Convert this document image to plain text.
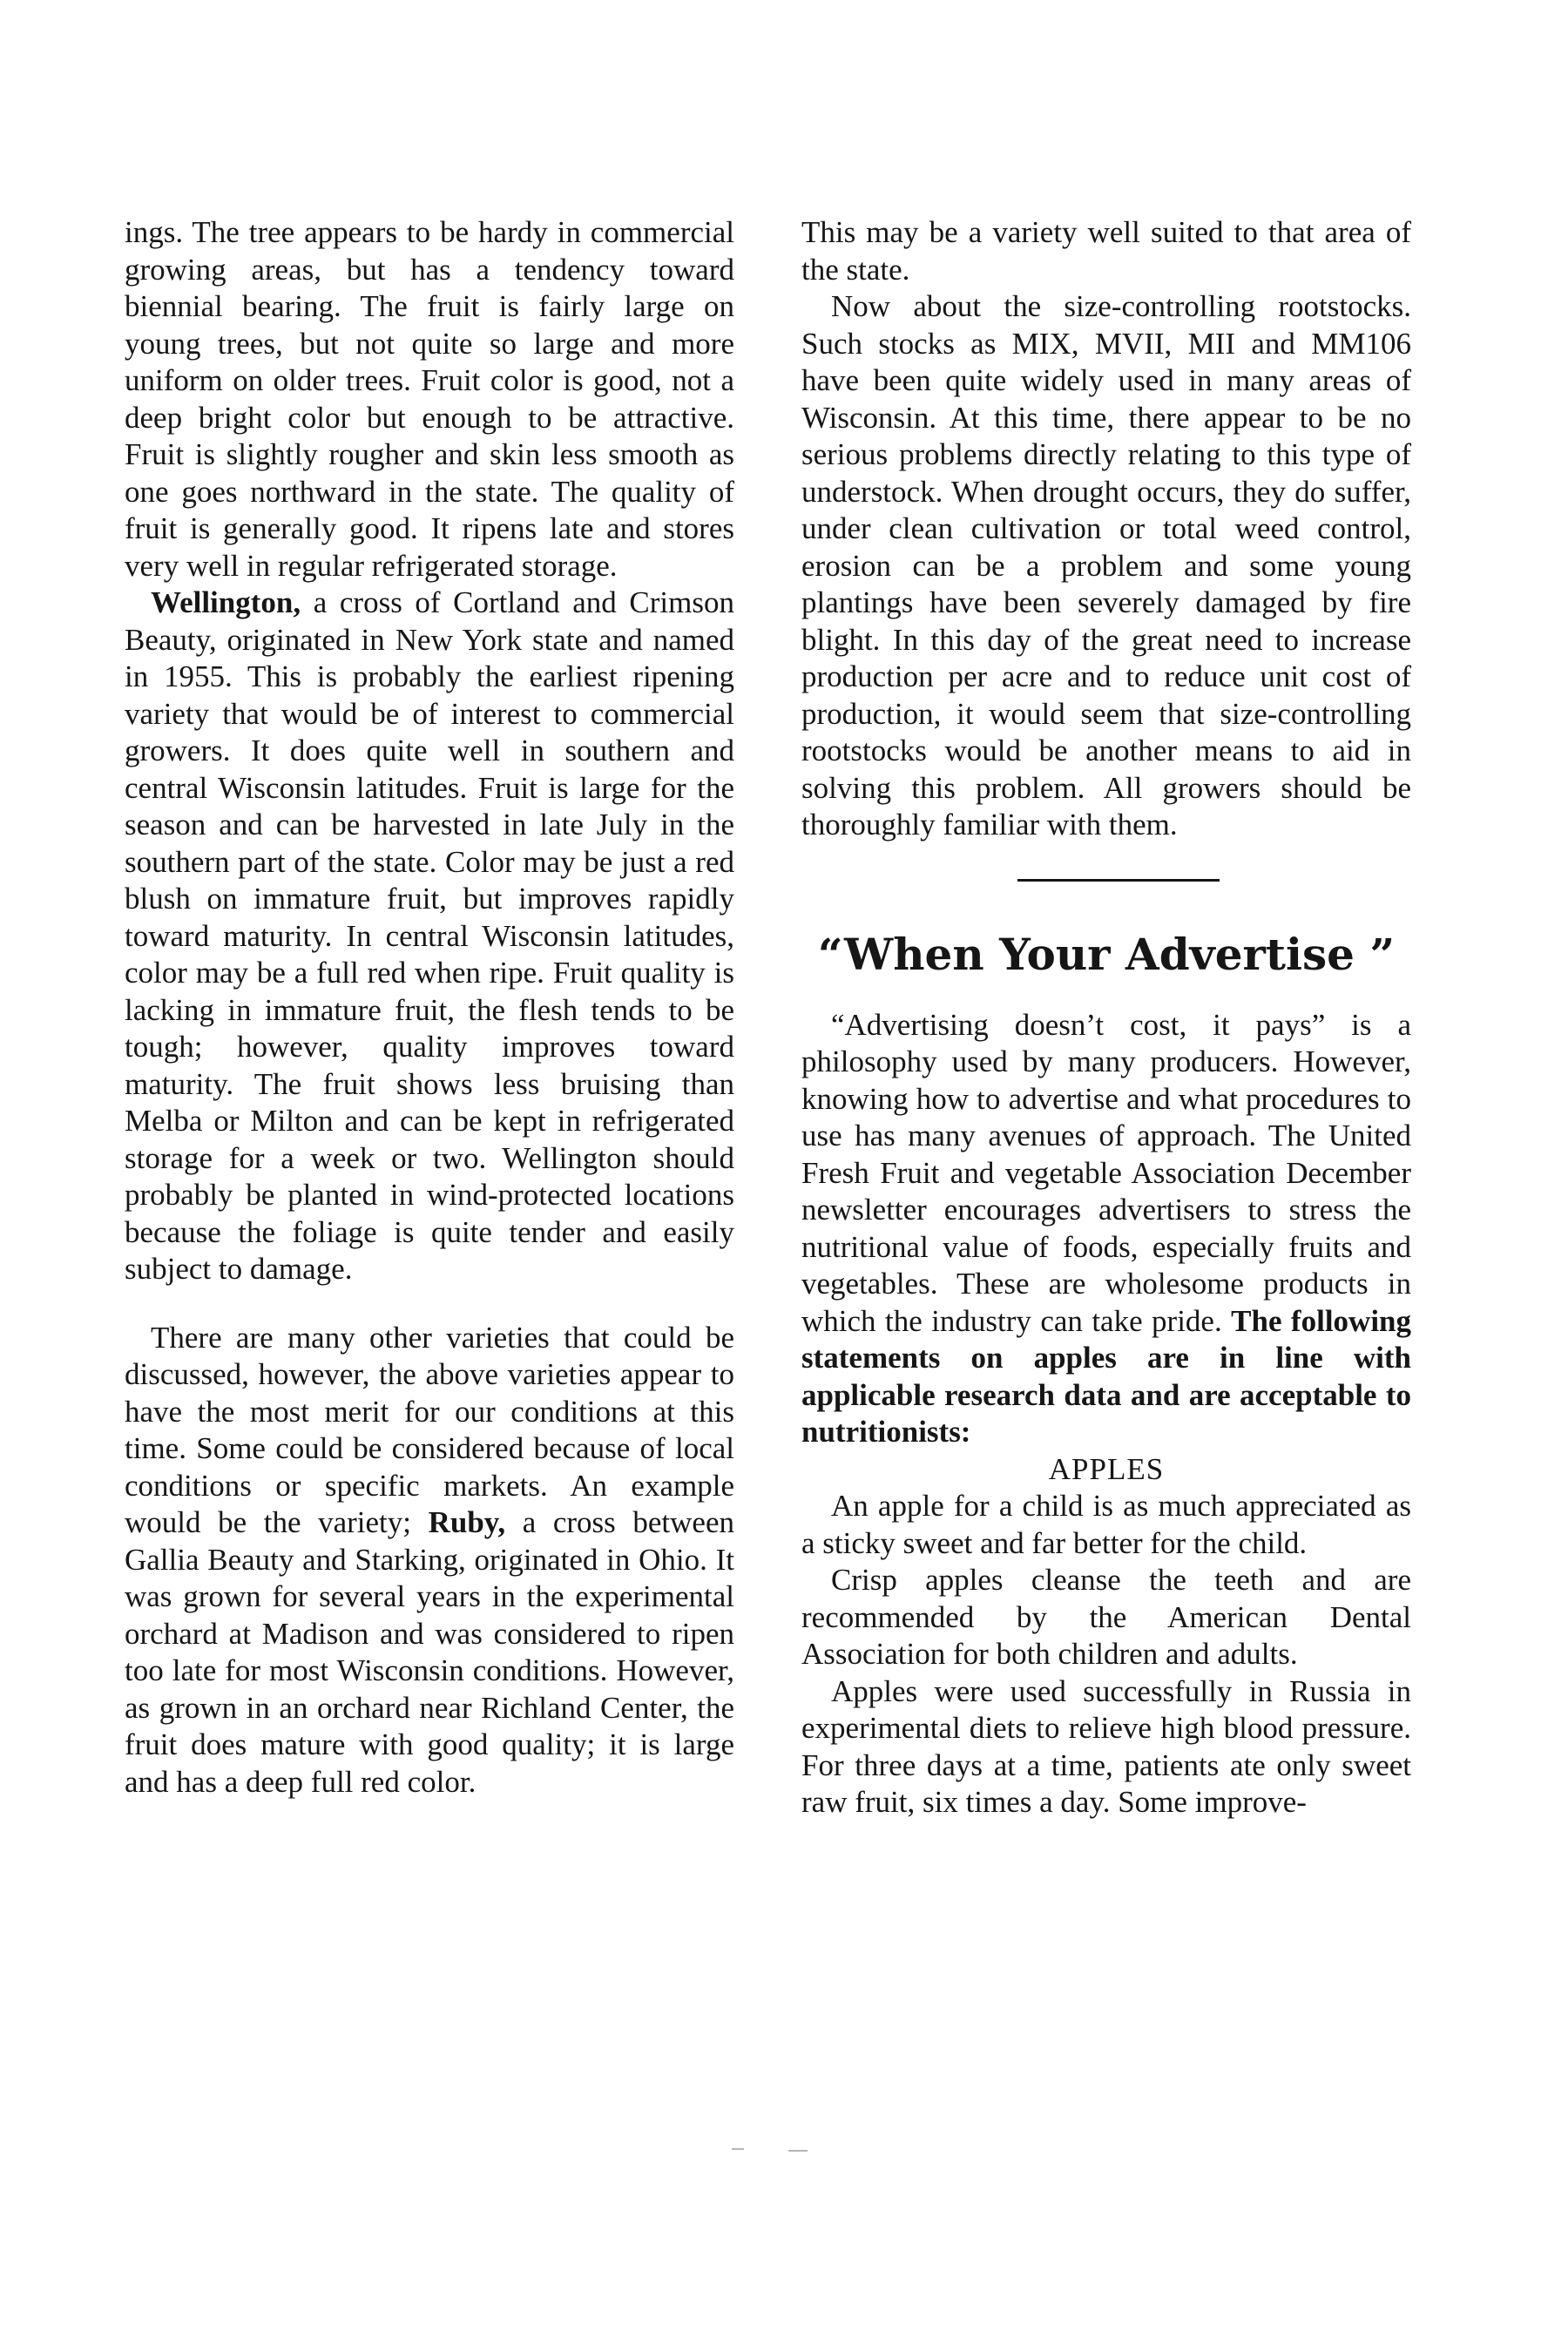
ings. The tree appears to be hardy in commercial growing areas, but has a tendency toward biennial bearing. The fruit is fairly large on young trees, but not quite so large and more uniform on older trees. Fruit color is good, not a deep bright color but enough to be attractive. Fruit is slightly rougher and skin less smooth as one goes northward in the state. The quality of fruit is generally good. It ripens late and stores very well in regular refrigerated storage.

Wellington, a cross of Cortland and Crimson Beauty, originated in New York state and named in 1955. This is probably the earliest ripening variety that would be of interest to commercial growers. It does quite well in southern and central Wisconsin latitudes. Fruit is large for the season and can be harvested in late July in the southern part of the state. Color may be just a red blush on immature fruit, but improves rapidly toward maturity. In central Wisconsin latitudes, color may be a full red when ripe. Fruit quality is lacking in immature fruit, the flesh tends to be tough; however, quality improves toward maturity. The fruit shows less bruising than Melba or Milton and can be kept in refrigerated storage for a week or two. Wellington should probably be planted in wind-protected locations because the foliage is quite tender and easily subject to damage.

There are many other varieties that could be discussed, however, the above varieties appear to have the most merit for our conditions at this time. Some could be considered because of local conditions or specific markets. An example would be the variety; Ruby, a cross between Gallia Beauty and Starking, originated in Ohio. It was grown for several years in the experimental orchard at Madison and was considered to ripen too late for most Wisconsin conditions. However, as grown in an orchard near Richland Center, the fruit does mature with good quality; it is large and has a deep full red color.

This may be a variety well suited to that area of the state.

Now about the size-controlling rootstocks. Such stocks as MIX, MVII, MII and MM106 have been quite widely used in many areas of Wisconsin. At this time, there appear to be no serious problems directly relating to this type of understock. When drought occurs, they do suffer, under clean cultivation or total weed control, erosion can be a problem and some young plantings have been severely damaged by fire blight. In this day of the great need to increase production per acre and to reduce unit cost of production, it would seem that size-controlling rootstocks would be another means to aid in solving this problem. All growers should be thoroughly familiar with them.

“When Your Advertise ”

“Advertising doesn’t cost, it pays” is a philosophy used by many producers. However, knowing how to advertise and what procedures to use has many avenues of approach. The United Fresh Fruit and vegetable Association December newsletter encourages advertisers to stress the nutritional value of foods, especially fruits and vegetables. These are wholesome products in which the industry can take pride. The following statements on apples are in line with applicable research data and are acceptable to nutritionists:

APPLES

An apple for a child is as much appreciated as a sticky sweet and far better for the child.

Crisp apples cleanse the teeth and are recommended by the American Dental Association for both children and adults.

Apples were used successfully in Russia in experimental diets to relieve high blood pressure. For three days at a time, patients ate only sweet raw fruit, six times a day. Some improve-
